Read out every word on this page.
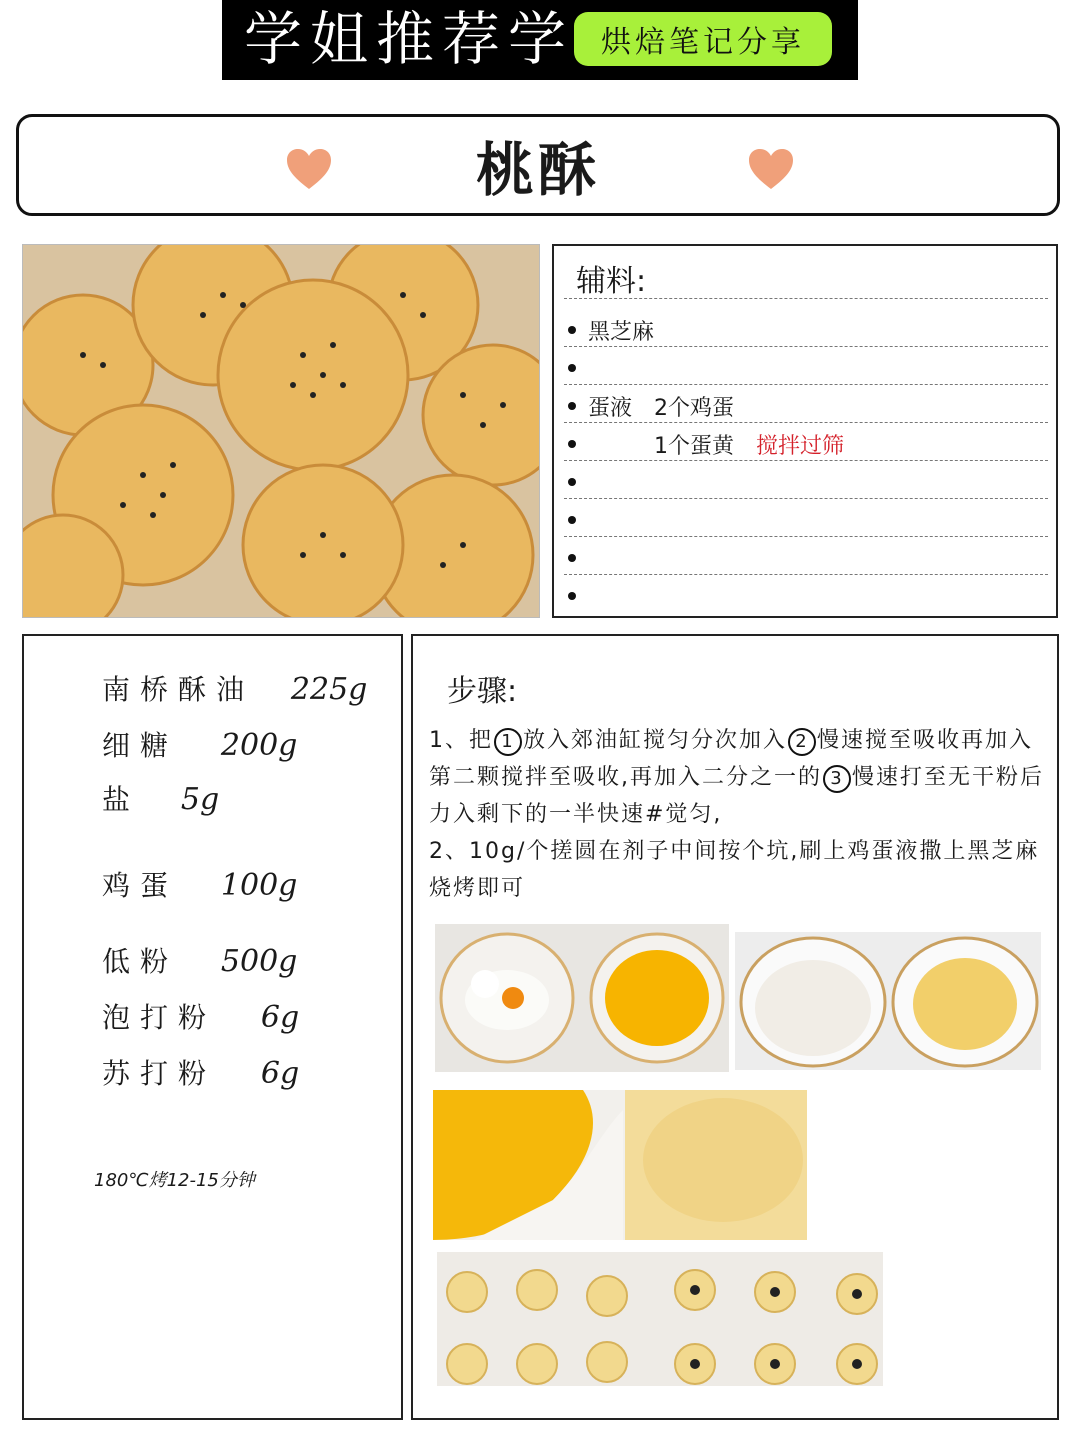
学姐推荐学 烘焙笔记分享
桃酥
辅料:
黑芝麻
蛋液　2个鸡蛋
　　　1个蛋黄 搅拌过筛
南桥酥油 225g
细糖 200g
盐 5g
鸡蛋 100g
低粉 500g
泡打粉 6g
苏打粉 6g
180℃烤12-15分钟
步骤:

1、把 1 放入郊油缸搅匀分次加入 2 慢速搅至吸收再加入第二颗搅拌至吸收,再加入二分之一的 3 慢速打至无干粉后力入剩下的一半快速#觉匀,

2、10g/个搓圆在剂子中间按个坑,刷上鸡蛋液撒上黑芝麻烧烤即可
